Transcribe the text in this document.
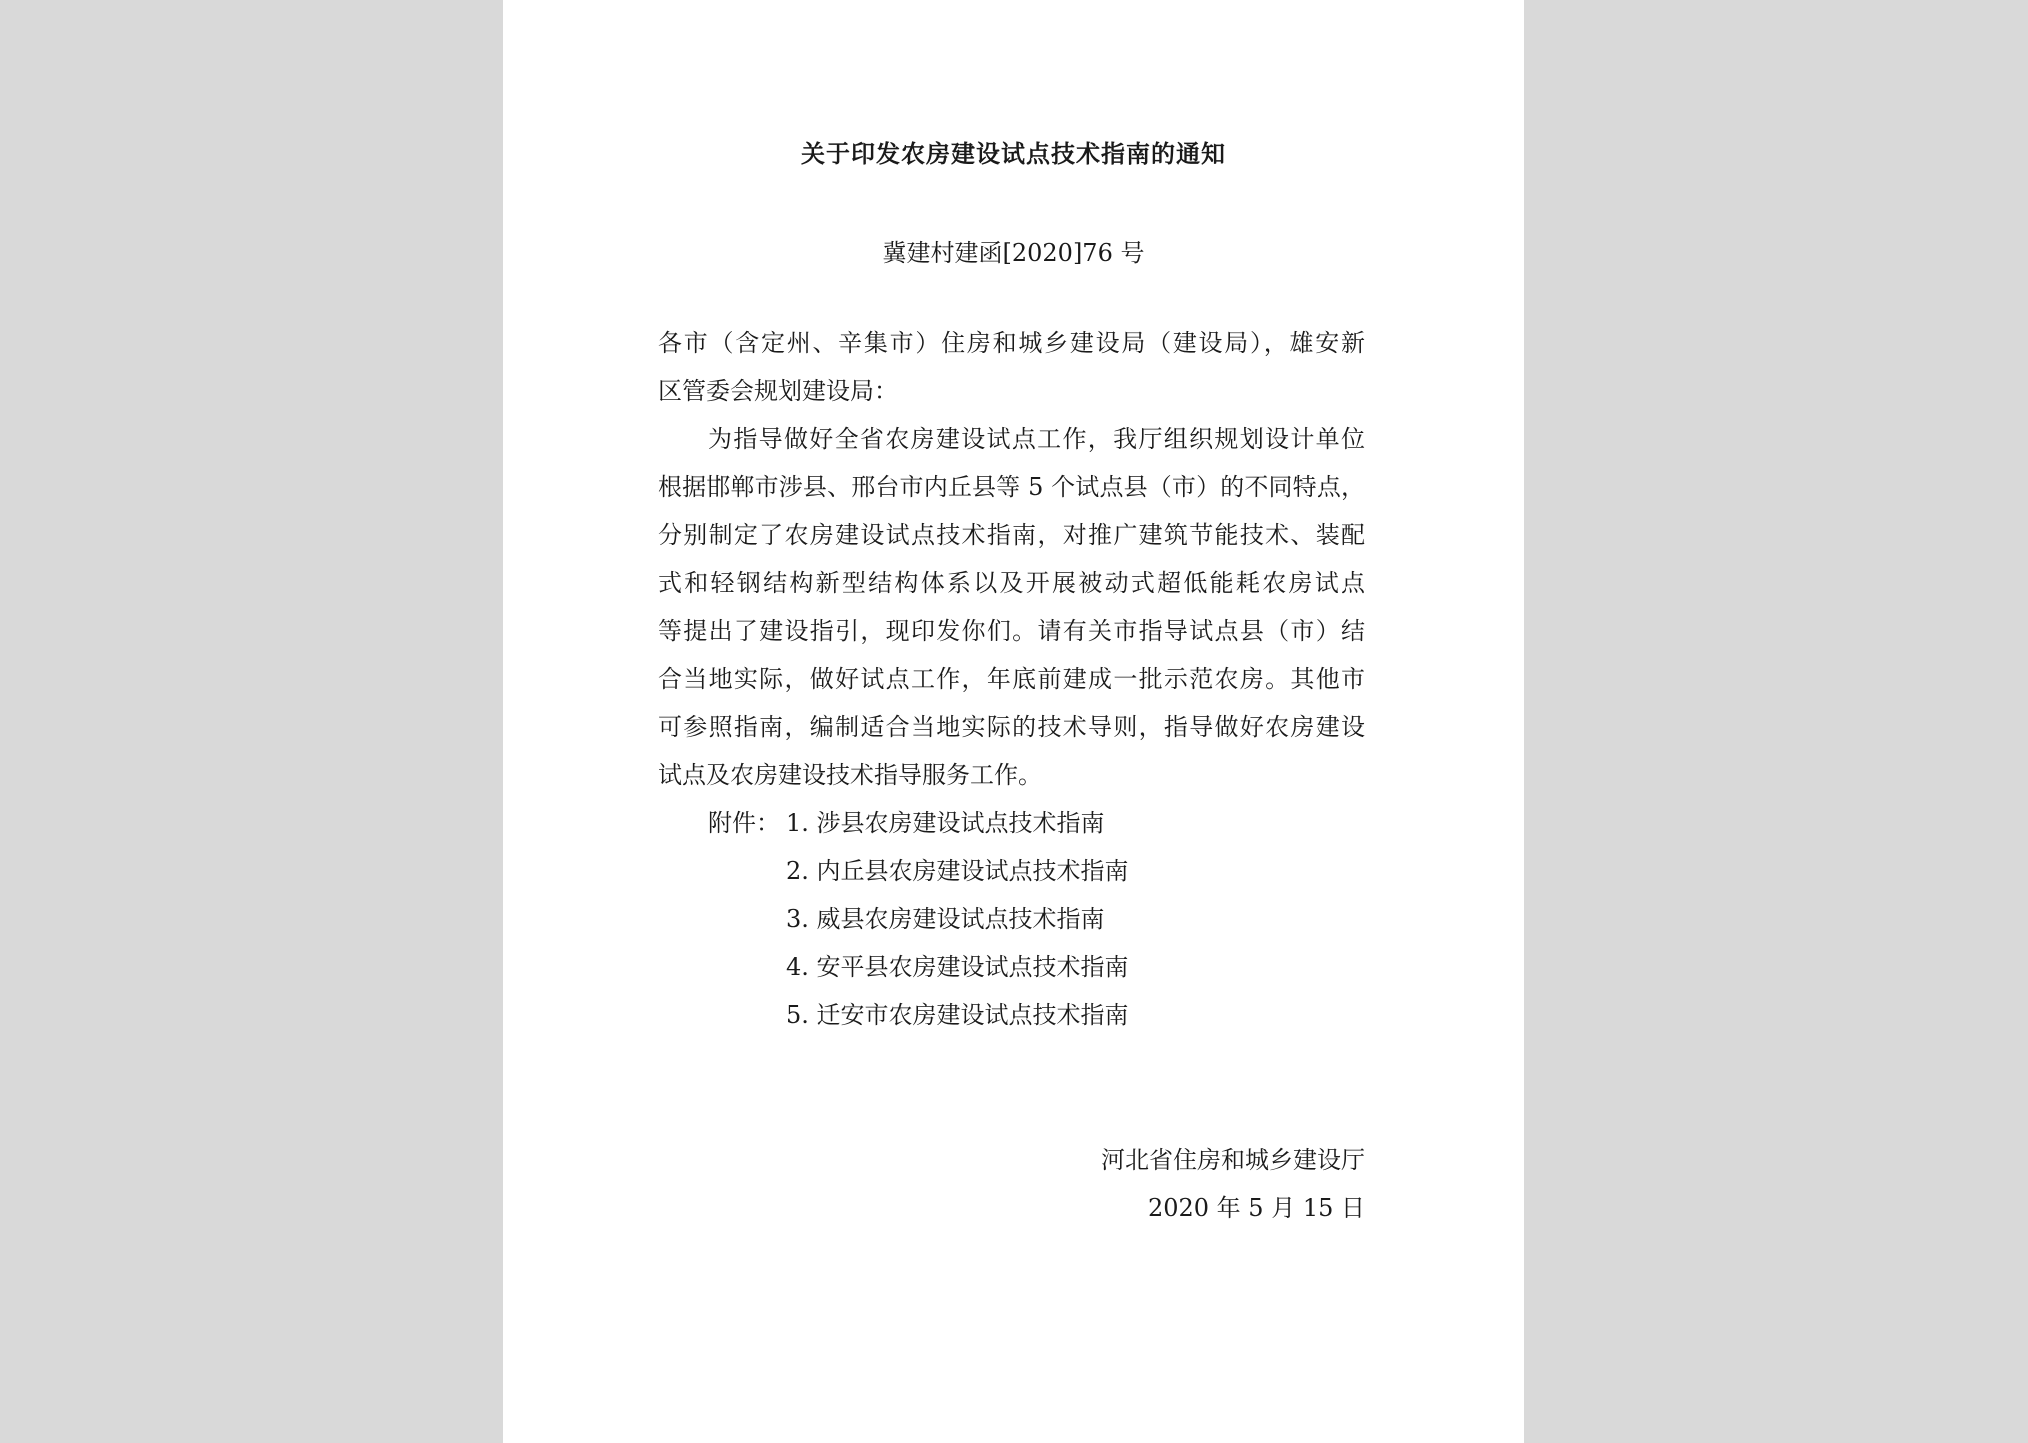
关于印发农房建设试点技术指南的通知
冀建村建函[2020]76 号
各市（含定州、辛集市）住房和城乡建设局（建设局），雄安新
区管委会规划建设局：
为指导做好全省农房建设试点工作，我厅组织规划设计单位
根据邯郸市涉县、邢台市内丘县等 5 个试点县（市）的不同特点，
分别制定了农房建设试点技术指南，对推广建筑节能技术、装配
式和轻钢结构新型结构体系以及开展被动式超低能耗农房试点
等提出了建设指引，现印发你们。请有关市指导试点县（市）结
合当地实际，做好试点工作，年底前建成一批示范农房。其他市
可参照指南，编制适合当地实际的技术导则，指导做好农房建设
试点及农房建设技术指导服务工作。
附件： 1. 涉县农房建设试点技术指南
2. 内丘县农房建设试点技术指南
3. 威县农房建设试点技术指南
4. 安平县农房建设试点技术指南
5. 迁安市农房建设试点技术指南
河北省住房和城乡建设厅
2020 年 5 月 15 日
